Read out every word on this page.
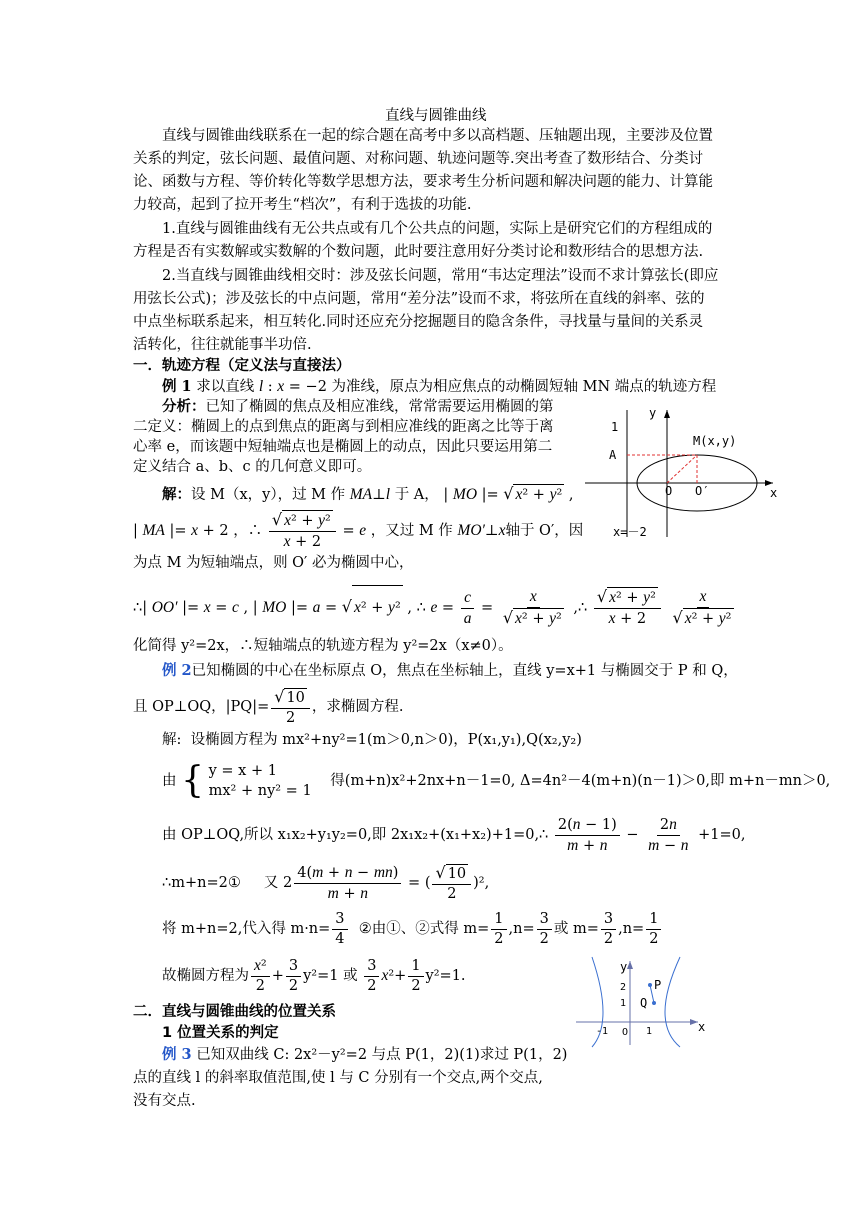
直线与圆锥曲线
直线与圆锥曲线联系在一起的综合题在高考中多以高档题、压轴题出现，主要涉及位置
关系的判定，弦长问题、最值问题、对称问题、轨迹问题等.突出考查了数形结合、分类讨
论、函数与方程、等价转化等数学思想方法，要求考生分析问题和解决问题的能力、计算能
力较高，起到了拉开考生“档次”，有利于选拔的功能.
1.直线与圆锥曲线有无公共点或有几个公共点的问题，实际上是研究它们的方程组成的
方程是否有实数解或实数解的个数问题，此时要注意用好分类讨论和数形结合的思想方法.
2.当直线与圆锥曲线相交时：涉及弦长问题，常用“韦达定理法”设而不求计算弦长(即应
用弦长公式)；涉及弦长的中点问题，常用“差分法”设而不求，将弦所在直线的斜率、弦的
中点坐标联系起来，相互转化.同时还应充分挖掘题目的隐含条件，寻找量与量间的关系灵
活转化，往往就能事半功倍.
一．轨迹方程（定义法与直接法）
例 1 求以直线 l : x = −2 为准线，原点为相应焦点的动椭圆短轴 MN 端点的轨迹方程
分析：已知了椭圆的焦点及相应准线，常常需要运用椭圆的第
二定义：椭圆上的点到焦点的距离与到相应准线的距离之比等于离
心率 e，而该题中短轴端点也是椭圆上的动点，因此只要运用第二
定义结合 a、b、c 的几何意义即可。
解：设 M（x，y），过 M 作 MA⊥l 于 A， | MO |= √ x² + y² ,
| MA |= x + 2 ，∴ $\frac{\text{√ x² + y²}}{x + 2} = e$ ，又过 M 作 MO′⊥x轴于 O′，因
为点 M 为短轴端点，则 O′ 必为椭圆中心，
∴| OO′ |= x = c , | MO |= a = √ x² + y² , ∴ $e = \frac{c}{a} = \frac{x}{\text{√ x² + y²}}$ ,∴ $\frac{\text{√ x² + y²}}{x + 2}$
$\frac{x}{\text{√ x² + y²}}$
化简得 y²=2x，∴短轴端点的轨迹方程为 y²=2x（x≠0）。
y
x
1
A
M(x,y)
O O′
x=－2
例 2已知椭圆的中心在坐标原点 O，焦点在坐标轴上，直线 y=x+1 与椭圆交于 P 和 Q，
且 OP⊥OQ，$|PQ|= \frac{√ 10}{2}$ ，求椭圆方程.
解: 设椭圆方程为 mx²+ny²=1(m＞0,n＞0)，P(x₁,y₁),Q(x₂,y₂)
由 { y = x + 1
mx² + ny² = 1
得(m+n)x²+2nx+n－1=0, Δ=4n²－4(m+n)(n－1)＞0,即 m+n－mn＞0,
由 OP⊥OQ,所以 x₁x₂+y₁y₂=0,即 2x₁x₂+(x₁+x₂)+1=0,∴ $\frac{2(n - 1)}{m + n} - \frac{2n}{m - n} +1=0$,
∴m+n=2① 又 $2 \frac{4(m + n - mn)}{m + n}$ = ( $\frac{√ 10}{2} )^2$,
将 m+n=2,代入得 $m\cdot n= \frac{3}{4}$ ②由①、②式得 $m= \frac{1}{2} ,n= \frac{3}{2}$ 或 $m= \frac{3}{2} ,n= \frac{1}{2}$
故椭圆方程为 $\frac{\text{x²}}{2} + \frac{3}{2} y^2=1$ 或 $\frac{3}{2} x^2+ \frac{1}{2} y^2=1$.
y
x
P
Q
2
1
-1 O 1
二．直线与圆锥曲线的位置关系
1 位置关系的判定
例 3 已知双曲线 C: 2x²－y²=2 与点 P(1，2)(1)求过 P(1，2)
点的直线 l 的斜率取值范围,使 l 与 C 分别有一个交点,两个交点,
没有交点.
